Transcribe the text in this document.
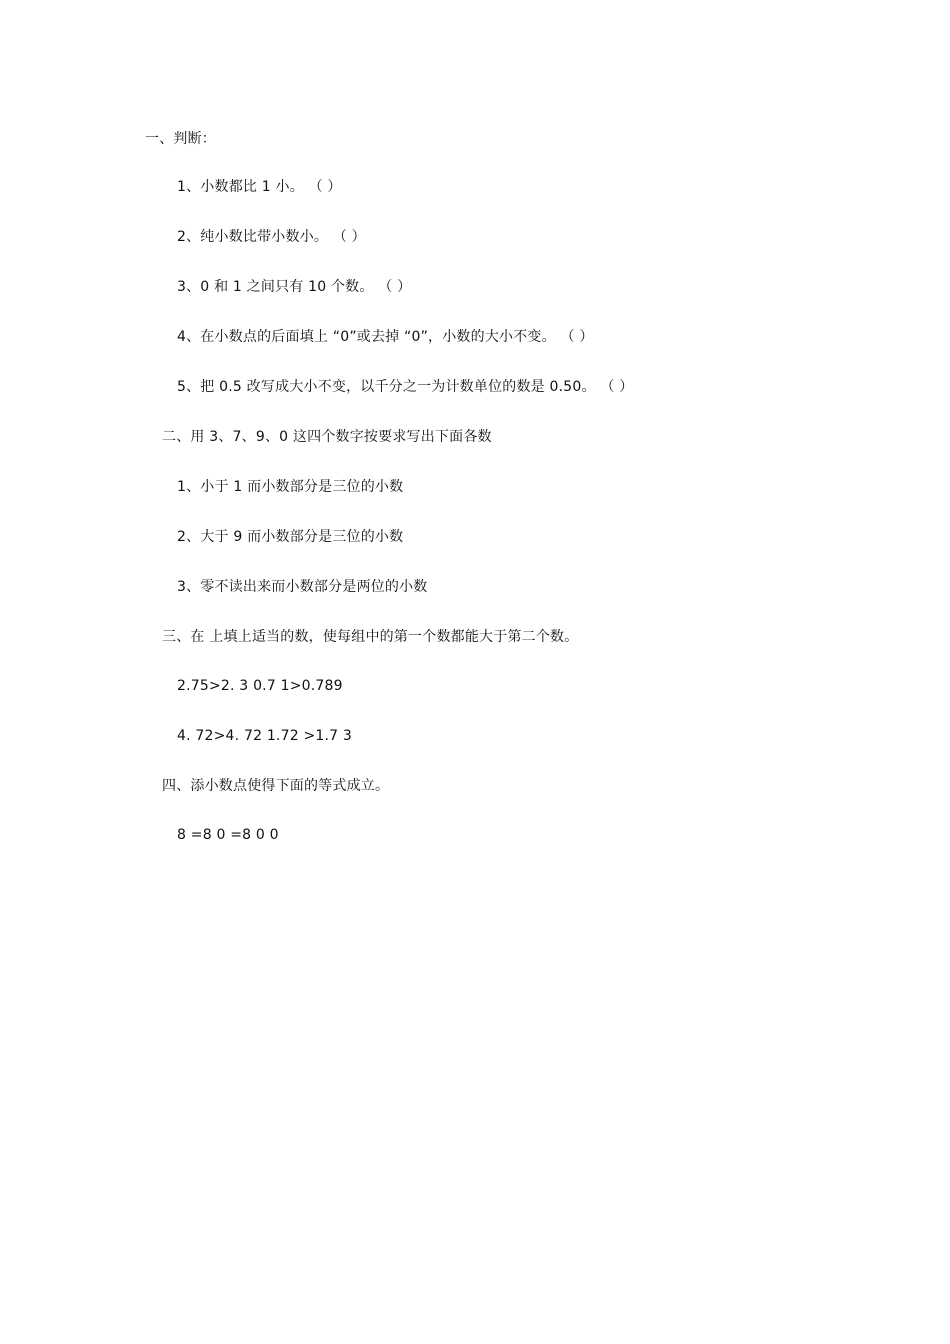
一、判断：
1、小数都比 1 小。 （ ）
2、纯小数比带小数小。 （ ）
3、0 和 1 之间只有 10 个数。 （ ）
4、在小数点的后面填上 “0”或去掉 “0”，小数的大小不变。 （ ）
5、把 0.5 改写成大小不变，以千分之一为计数单位的数是 0.50。 （ ）
二、用 3、7、9、0 这四个数字按要求写出下面各数
1、小于 1 而小数部分是三位的小数
2、大于 9 而小数部分是三位的小数
3、零不读出来而小数部分是两位的小数
三、在 上填上适当的数，使每组中的第一个数都能大于第二个数。
2.75>2. 3 0.7 1>0.789
4. 72>4. 72 1.72 >1.7 3
四、添小数点使得下面的等式成立。
8 =8 0 =8 0 0
